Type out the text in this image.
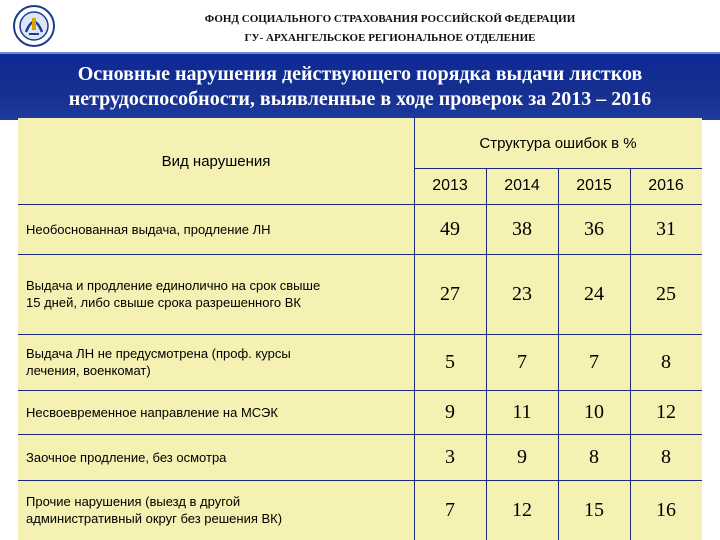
ФОНД СОЦИАЛЬНОГО СТРАХОВАНИЯ РОССИЙСКОЙ ФЕДЕРАЦИИ
ГУ- АРХАНГЕЛЬСКОЕ РЕГИОНАЛЬНОЕ ОТДЕЛЕНИЕ
Основные нарушения действующего порядка выдачи листков
нетрудоспособности, выявленные в ходе проверок за 2013 – 2016
Вид нарушения
Структура ошибок в %
2013	2014	2015	2016
Необоснованная выдача, продление ЛН	49	38	36	31
Выдача и продление единолично на срок свыше
15 дней, либо свыше срока разрешенного ВК	27	23	24	25
Выдача ЛН не предусмотрена (проф. курсы
лечения, военкомат)	5	7	7	8
Несвоевременное направление на МСЭК	9	11	10	12
Заочное продление, без осмотра	3	9	8	8
Прочие нарушения (выезд в другой
административный округ без решения ВК)	7	12	15	16
